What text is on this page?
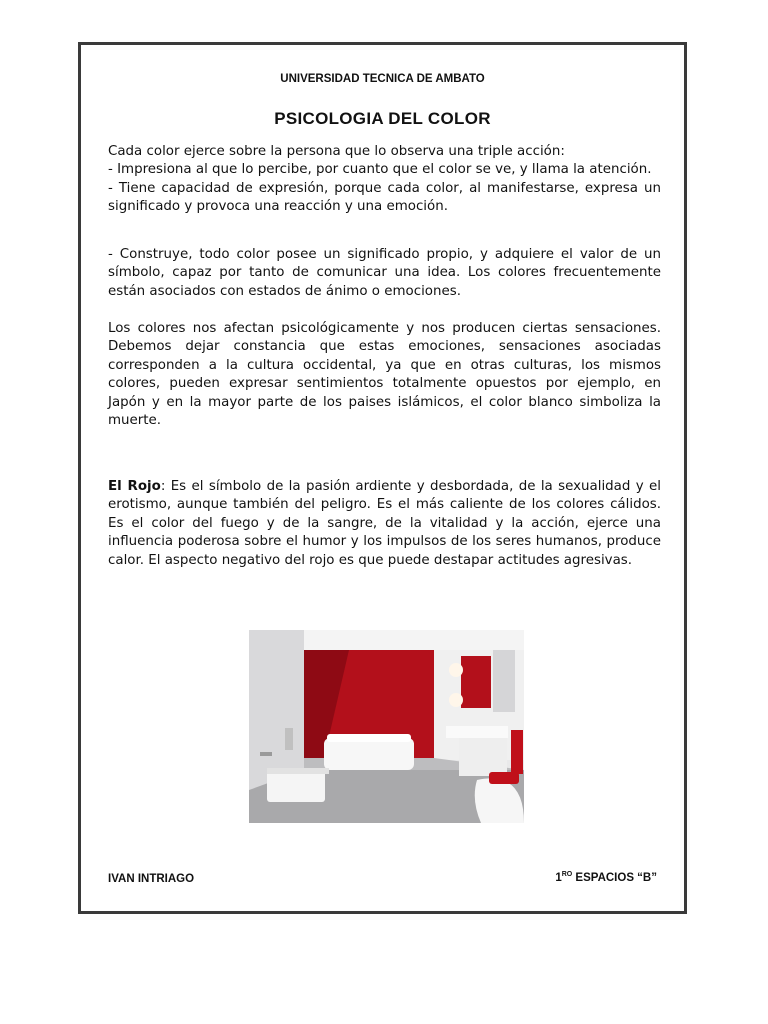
UNIVERSIDAD TECNICA DE AMBATO
PSICOLOGIA DEL COLOR

Cada color ejerce sobre la persona que lo observa una triple acción:

- Impresiona al que lo percibe, por cuanto que el color se ve, y llama la atención.

- Tiene capacidad de expresión, porque cada color, al manifestarse, expresa un significado y provoca una reacción y una emoción.

- Construye, todo color posee un significado propio, y adquiere el valor de un símbolo, capaz por tanto de comunicar una idea. Los colores frecuentemente están asociados con estados de ánimo o emociones.

Los colores nos afectan psicológicamente y nos producen ciertas sensaciones. Debemos dejar constancia que estas emociones, sensaciones asociadas corresponden a la cultura occidental, ya que en otras culturas, los mismos colores, pueden expresar sentimientos totalmente opuestos por ejemplo, en Japón y en la mayor parte de los paises islámicos, el color blanco simboliza la muerte.

El Rojo: Es el símbolo de la pasión ardiente y desbordada, de la sexualidad y el erotismo, aunque también del peligro. Es el más caliente de los colores cálidos. Es el color del fuego y de la sangre, de la vitalidad y la acción, ejerce una influencia poderosa sobre el humor y los impulsos de los seres humanos, produce calor. El aspecto negativo del rojo es que puede destapar actitudes agresivas.

IVAN INTRIAGO	$1^{RO}$ ESPACIOS “B”
